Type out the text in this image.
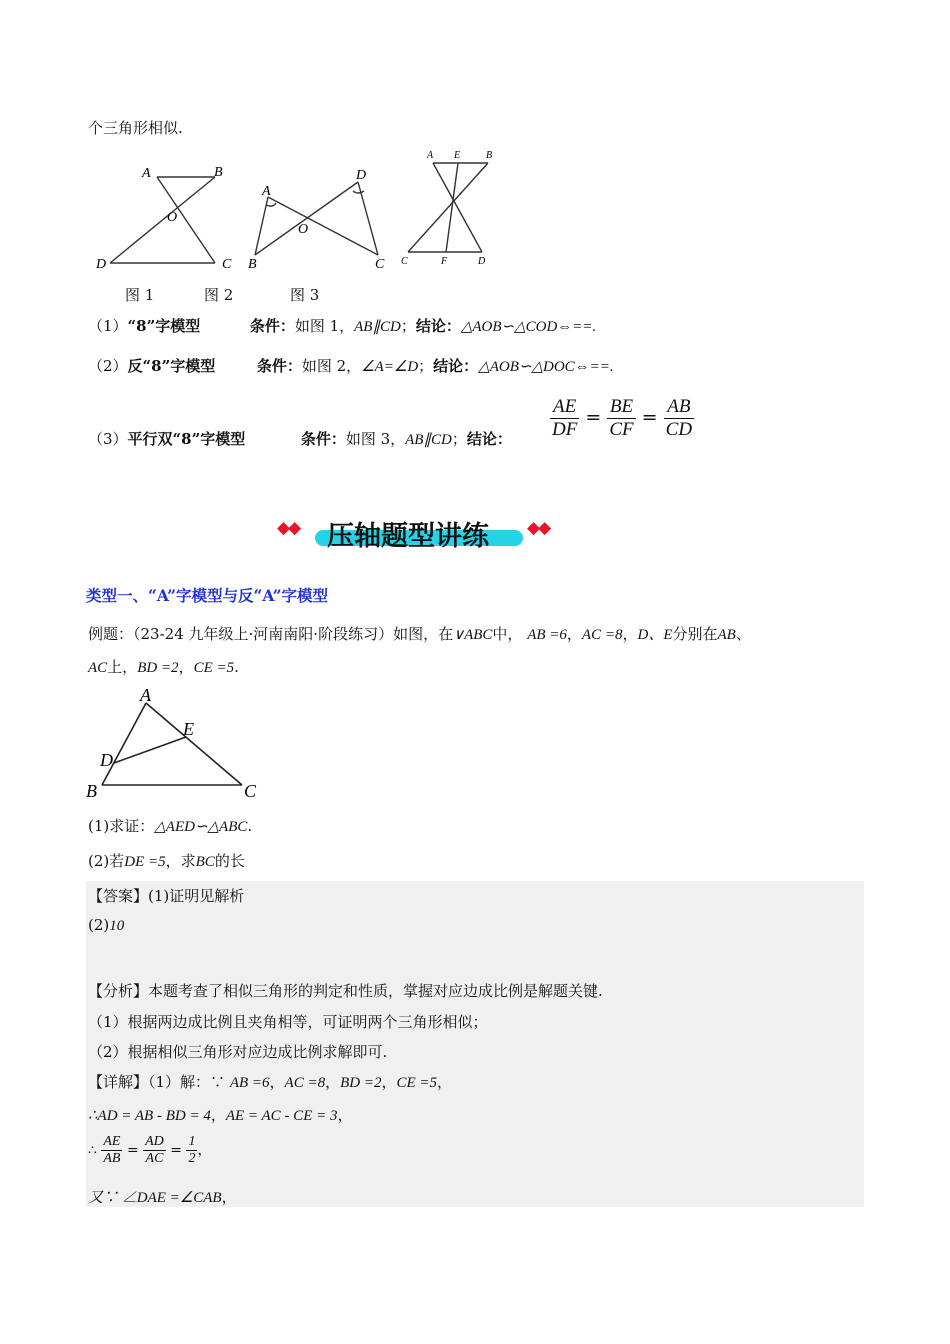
个三角形相似.
A	B
O
D	C
A
D
O
B	C
A E	B
C	F	D
图 1	图 2	图 3
（1）“8”字模型	条件：如图 1，AB∥CD；结论：△AOB∽△COD⇔==.
（2）反“8”字模型	条件：如图 2，∠A=∠D；结论：△AOB∽△DOC⇔==.
（3）平行双“8”字模型	条件：如图 3，AB∥CD；结论： $\frac{AE}{DF} = \frac{BE}{CF} = \frac{AB}{CD}$
◆◆ 压轴题型讲练 ◆◆
类型一、“A”字模型与反“A”字模型
例题：（23-24 九年级上·河南南阳·阶段练习）如图，在∨ABC中， AB =6，AC =8，D、E分别在AB、
AC上，BD =2，CE =5.
A
E
D
B	C
(1)求证：△AED∽△ABC.
(2)若DE =5，求BC的长
【答案】(1)证明见解析
(2)10
【分析】本题考查了相似三角形的判定和性质，掌握对应边成比例是解题关键.
（1）根据两边成比例且夹角相等，可证明两个三角形相似；
（2）根据相似三角形对应边成比例求解即可.
【详解】（1）解：∵ AB =6，AC =8，BD =2，CE =5，
∴AD = AB - BD = 4，AE = AC - CE = 3，
∴ $\frac{AE}{AB} = \frac{AD}{AC} = \frac{1}{2}$ ，
又∵ ∠DAE =∠CAB，
